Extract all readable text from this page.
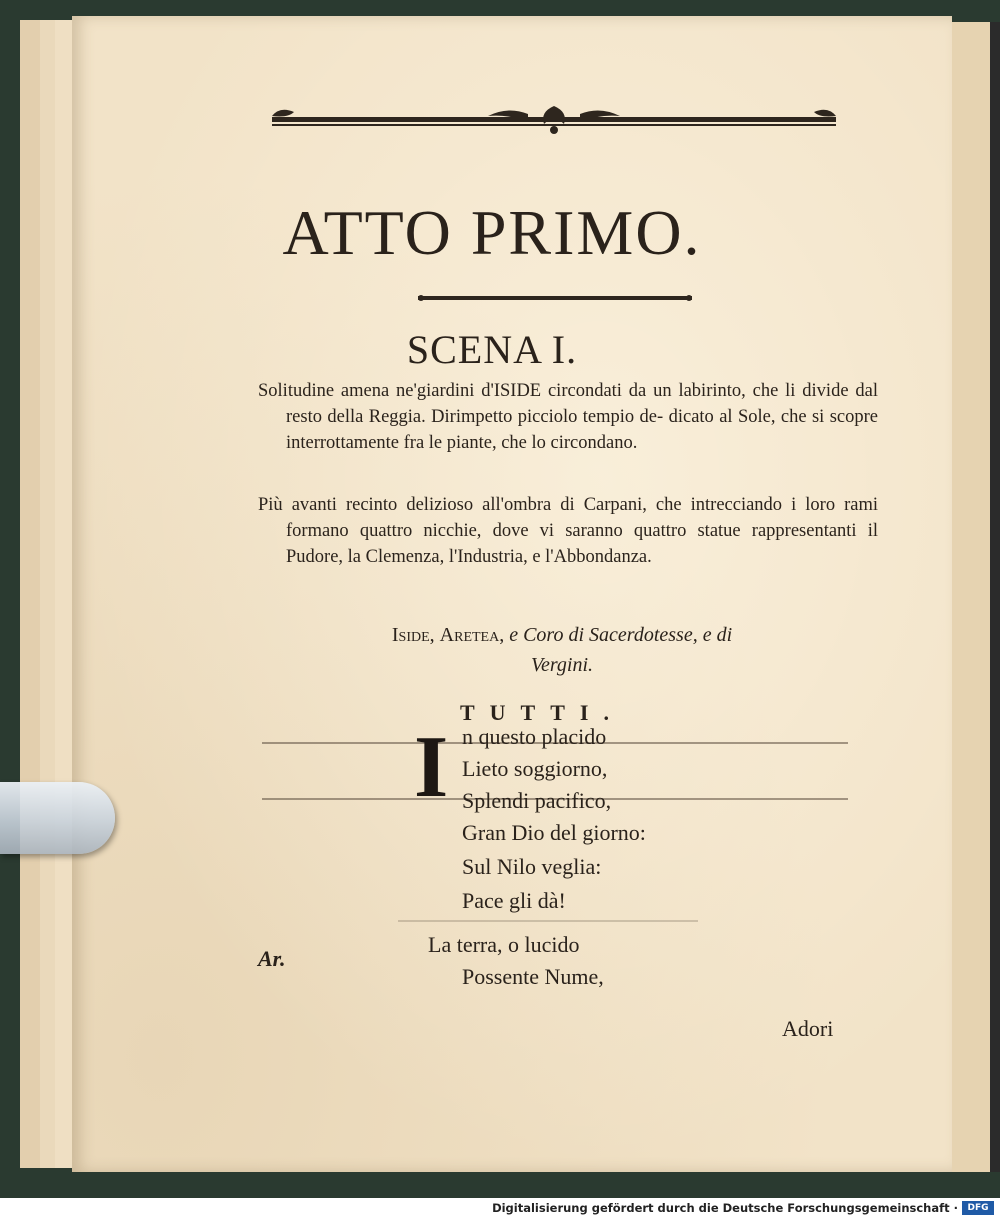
ATTO PRIMO.
SCENA I.
Solitudine amena ne'giardini d'ISIDE circondati da un labirinto, che li divide dal resto della Reggia. Dirimpetto picciolo tempio de- dicato al Sole, che si scopre interrottamente fra le piante, che lo circondano.
Più avanti recinto delizioso all'ombra di Carpani, che intrecciando i loro rami formano quattro nicchie, dove vi saranno quattro statue rappresentanti il Pudore, la Clemenza, l'Industria, e l'Abbondanza.
Iside, Aretea, e Coro di Sacerdotesse, e di
Vergini.
TUTTI.
I n questo placido
Lieto soggiorno,
Splendi pacifico,
Gran Dio del giorno:
Sul Nilo veglia:
Pace gli dà!
Ar.
La terra, o lucido
Possente Nume,
Adori
Digitalisierung gefördert durch die Deutsche Forschungsgemeinschaft ·	DFG
